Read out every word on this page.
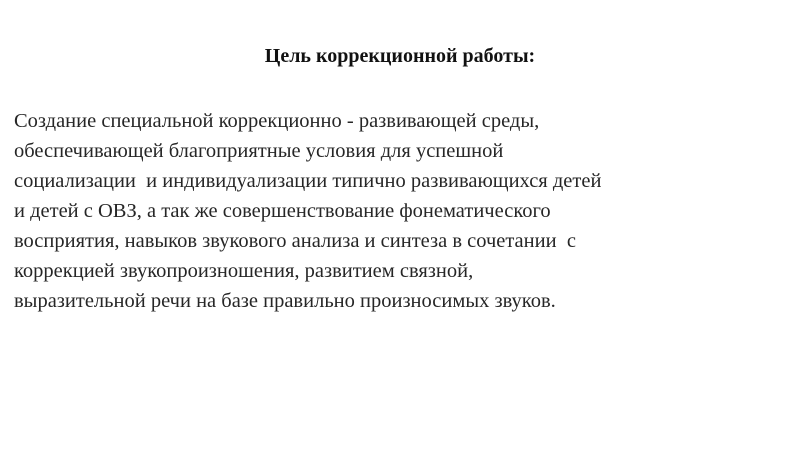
Цель коррекционной работы:
Создание специальной коррекционно - развивающей среды,
обеспечивающей благоприятные условия для успешной
социализации  и индивидуализации типично развивающихся детей
и детей с ОВЗ, а так же совершенствование фонематического
восприятия, навыков звукового анализа и синтеза в сочетании  с
коррекцией звукопроизношения, развитием связной,
выразительной речи на базе правильно произносимых звуков.
